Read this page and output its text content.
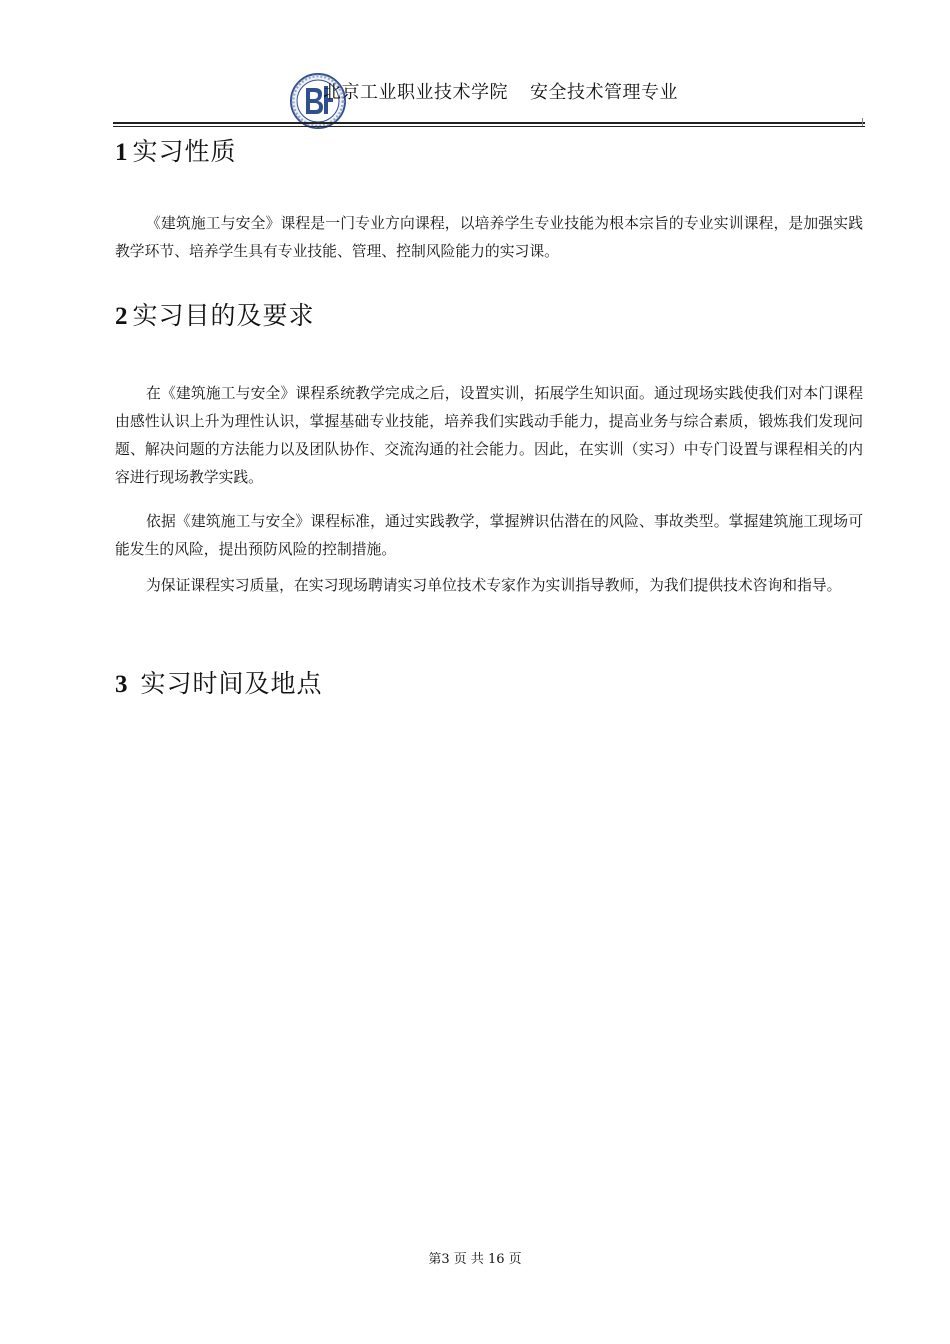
北京工业职业技术学院 安全技术管理专业
1 实习性质

《建筑施工与安全》课程是一门专业方向课程，以培养学生专业技能为根本宗旨的专业实训课程，是加强实践教学环节、培养学生具有专业技能、管理、控制风险能力的实习课。

2 实习目的及要求

在《建筑施工与安全》课程系统教学完成之后，设置实训，拓展学生知识面。通过现场实践使我们对本门课程由感性认识上升为理性认识，掌握基础专业技能，培养我们实践动手能力，提高业务与综合素质，锻炼我们发现问题、解决问题的方法能力以及团队协作、交流沟通的社会能力。因此，在实训（实习）中专门设置与课程相关的内容进行现场教学实践。

依据《建筑施工与安全》课程标准，通过实践教学，掌握辨识估潜在的风险、事故类型。掌握建筑施工现场可能发生的风险，提出预防风险的控制措施。

为保证课程实习质量，在实习现场聘请实习单位技术专家作为实训指导教师，为我们提供技术咨询和指导。

3 实习时间及地点
第3 页 共 16 页
